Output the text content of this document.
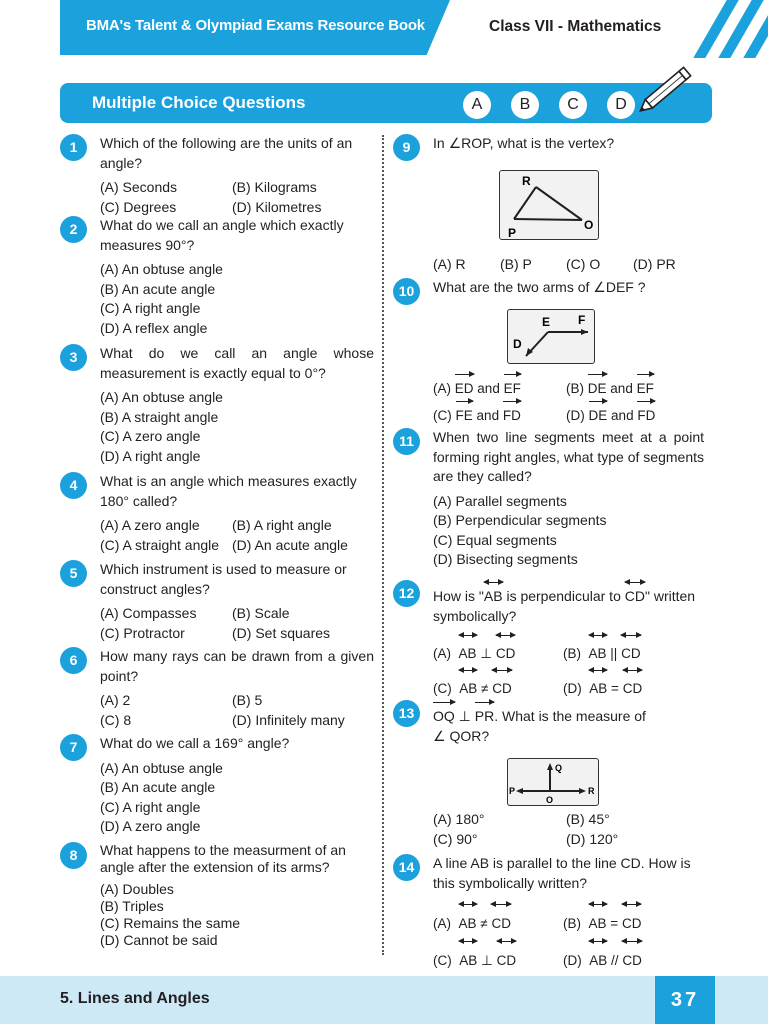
BMA's Talent & Olympiad Exams Resource Book	Class VII - Mathematics
Multiple Choice Questions	A	B	C	D
1	Which of the following are the units of an angle?
(A) Seconds	(B) Kilograms
(C) Degrees	(D) Kilometres
2	What do we call an angle which exactly measures 90°?
(A) An obtuse angle
(B) An acute angle
(C) A right angle
(D) A reflex angle
3	What do we call an angle whose measurement is exactly equal to 0°?
(A) An obtuse angle
(B) A straight angle
(C) A zero angle
(D) A right angle
4	What is an angle which measures exactly 180° called?
(A) A zero angle	(B) A right angle
(C) A straight angle (D) An acute angle
5	Which instrument is used to measure or construct angles?
(A) Compasses	(B) Scale
(C) Protractor	(D) Set squares
6	How many rays can be drawn from a given point?
(A) 2	(B) 5
(C) 8	(D) Infinitely many
7	What do we call a 169° angle?
(A) An obtuse angle
(B) An acute angle
(C) A right angle
(D) A zero angle
8	What happens to the measurment of an angle after the extension of its arms?
(A) Doubles
(B) Triples
(C) Remains the same
(D) Cannot be said
9	In ∠ROP, what is the vertex?
R
P
O
(A) R	(B) P	(C) O	(D) PR
10	What are the two arms of ∠DEF ?
E F
D
(A) ED and EF	(B) DE and EF
(C) FE and FD	(D) DE and FD
11	When two line segments meet at a point forming right angles, what type of segments are they called?
(A) Parallel segments
(B) Perpendicular segments
(C) Equal segments
(D) Bisecting segments
12	How is "AB
is perpendicular to CD
" written symbolically?
(A) AB ⊥ CD	(B) AB || CD
(C) AB ≠ CD	(D) AB = CD
13	OQ ⊥ PR. What is the measure of
∠ QOR?
Q
P
O
R
(A) 180°	(B) 45°
(C) 90°	(D) 120°
14	A line AB is parallel to the line CD. How is this symbolically written?
(A) AB ≠ CD	(B) AB = CD
(C) AB ⊥ CD	(D) AB // CD
5. Lines and Angles	37
